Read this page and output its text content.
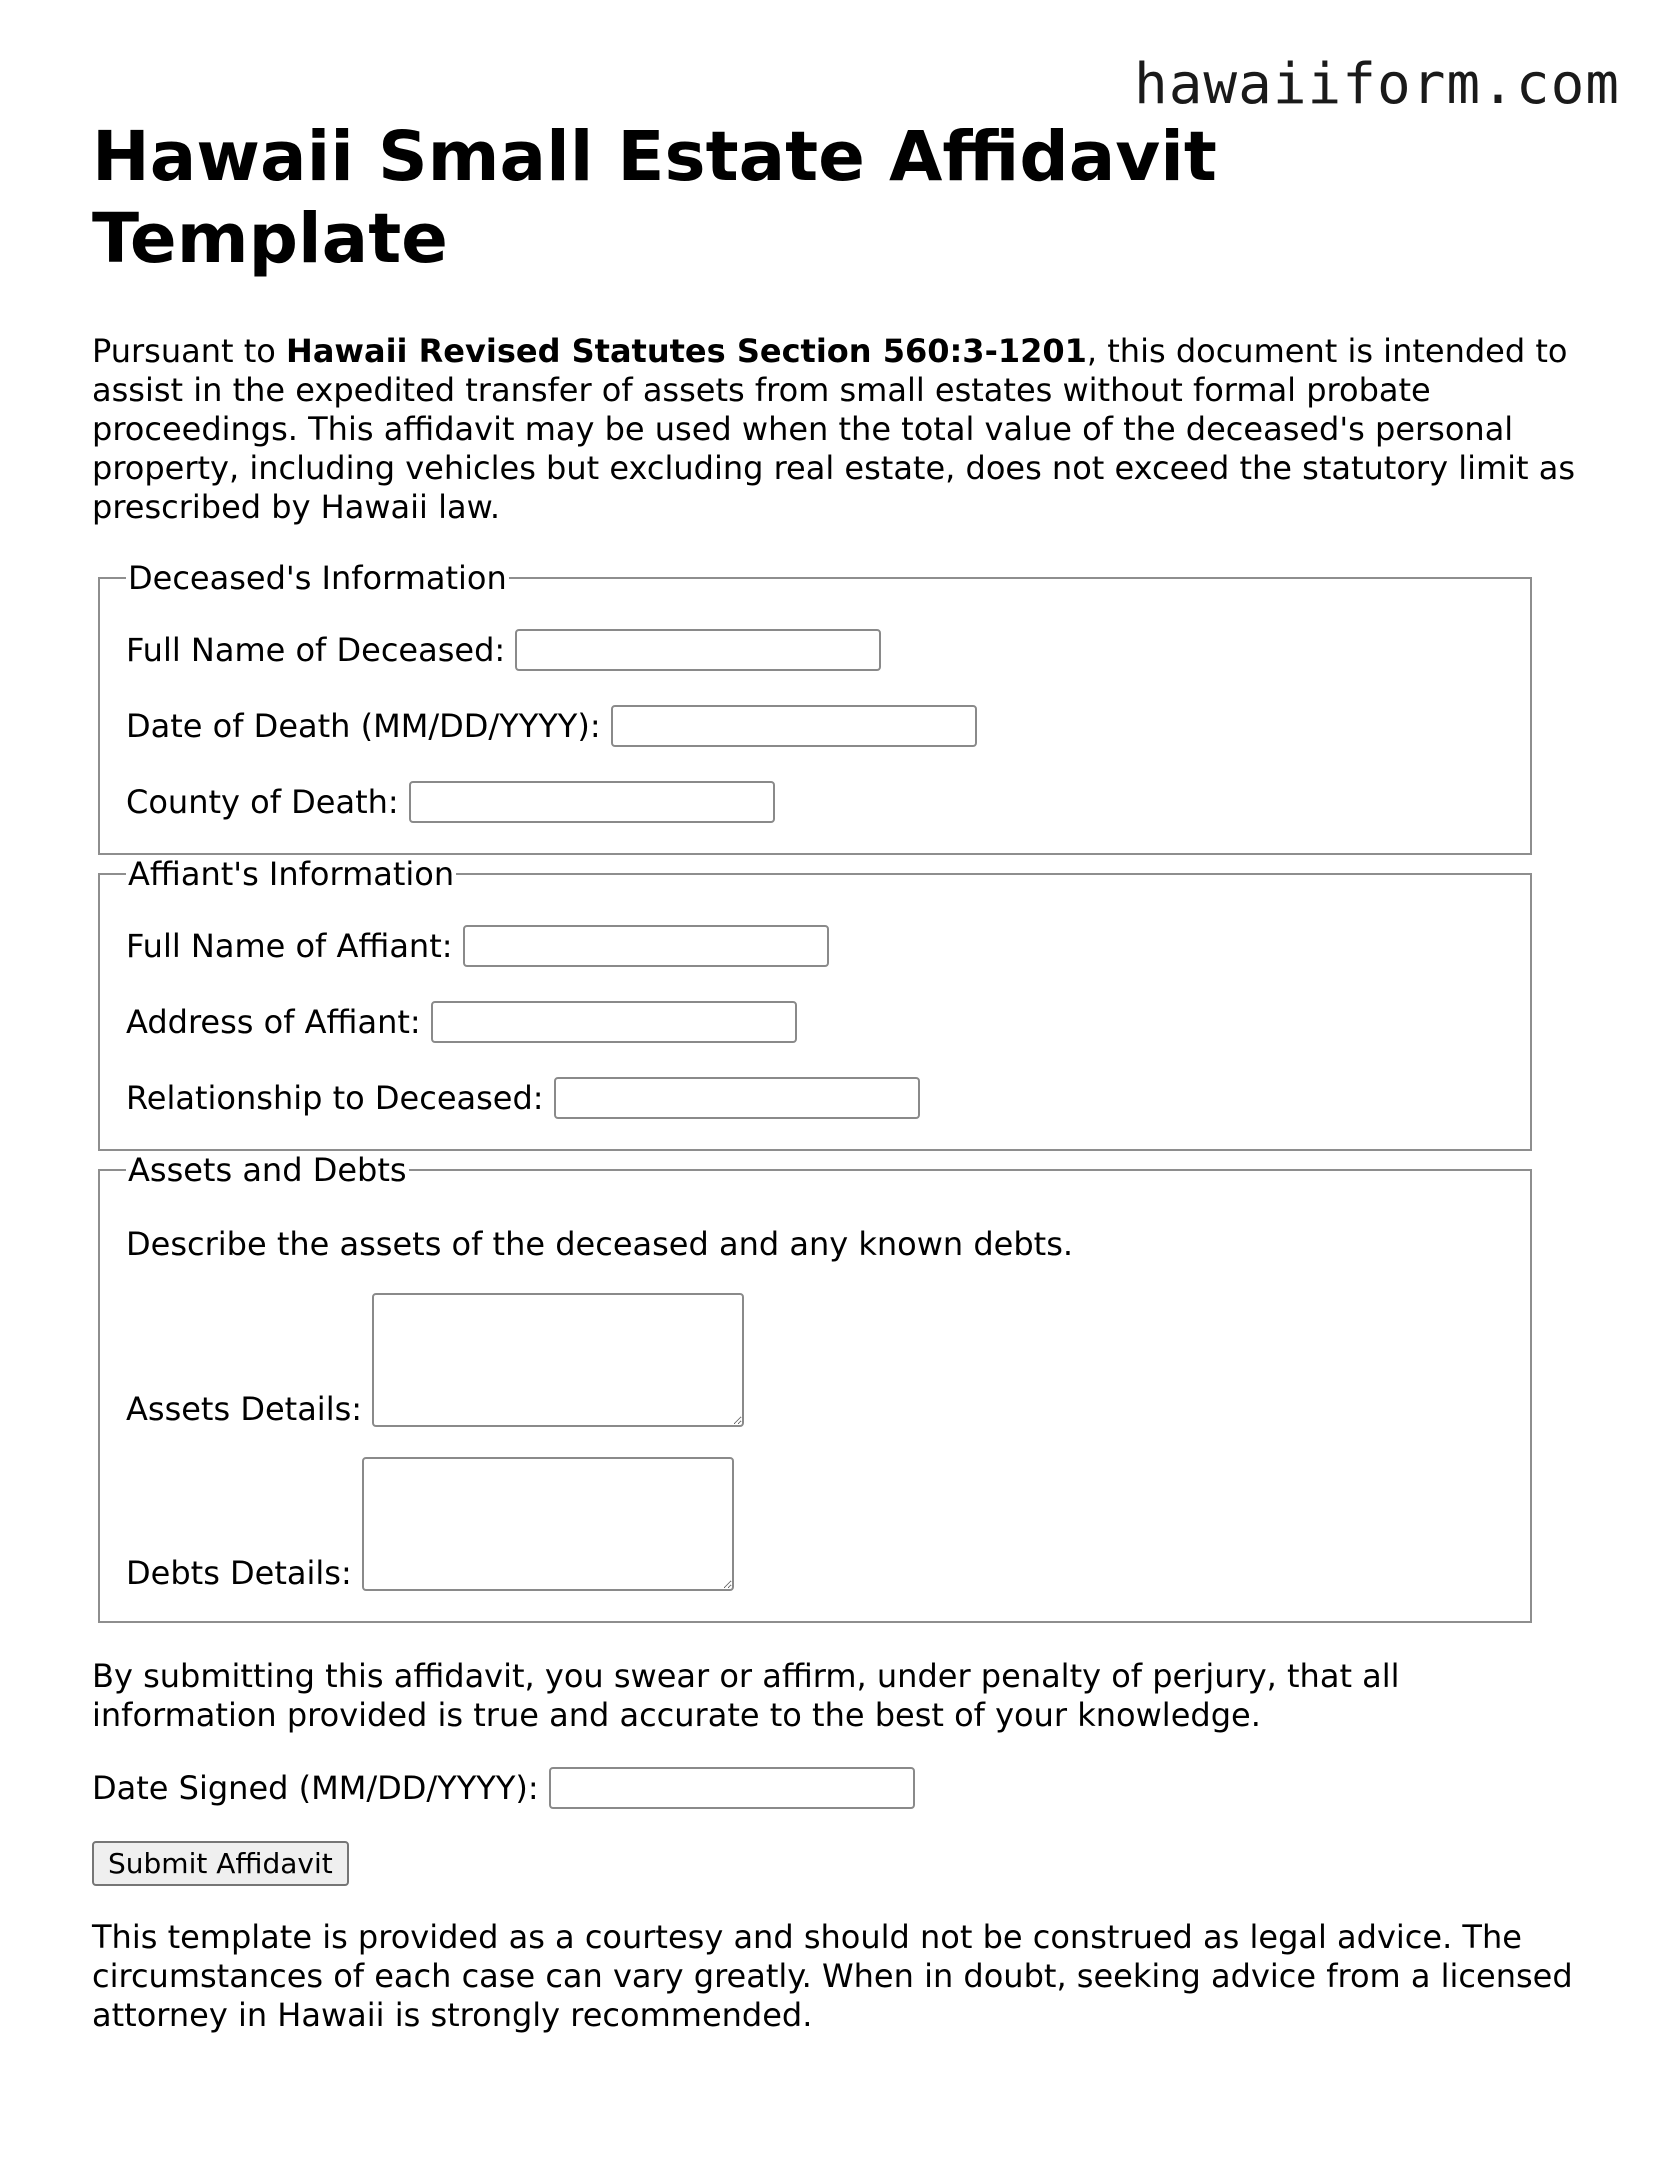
hawaiiform.com
Hawaii Small Estate Affidavit Template

Pursuant to Hawaii Revised Statutes Section 560:3-1201, this document is intended to assist in the expedited transfer of assets from small estates without formal probate proceedings. This affidavit may be used when the total value of the deceased's personal property, including vehicles but excluding real estate, does not exceed the statutory limit as prescribed by Hawaii law.

Deceased's Information
Full Name of Deceased:
Date of Death (MM/DD/YYYY):
County of Death:
Affiant's Information
Full Name of Affiant:
Address of Affiant:
Relationship to Deceased:
Assets and Debts
Describe the assets of the deceased and any known debts.
Assets Details:
Debts Details:

By submitting this affidavit, you swear or affirm, under penalty of perjury, that all information provided is true and accurate to the best of your knowledge.

Date Signed (MM/DD/YYYY):
Submit Affidavit

This template is provided as a courtesy and should not be construed as legal advice. The circumstances of each case can vary greatly. When in doubt, seeking advice from a licensed attorney in Hawaii is strongly recommended.
